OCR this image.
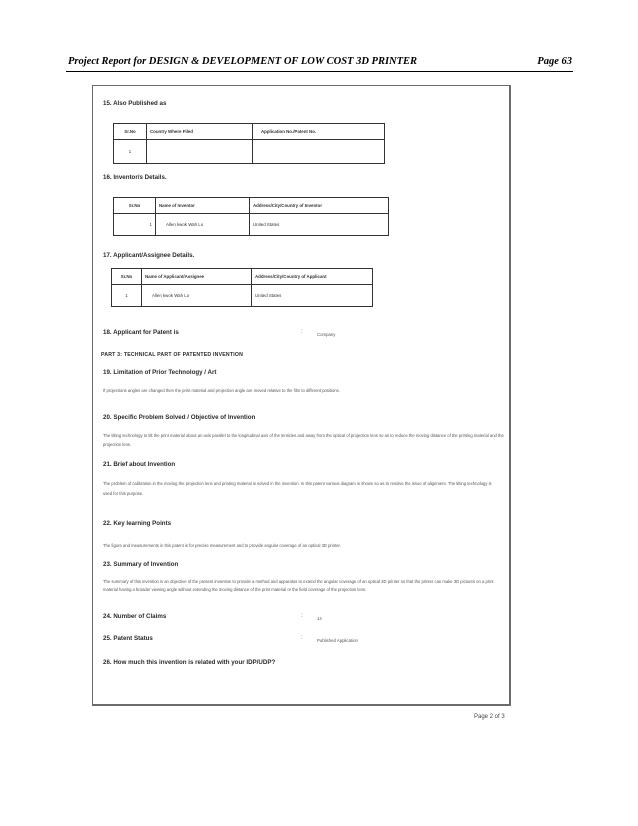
Project Report for DESIGN & DEVELOPMENT OF LOW COST 3D PRINTER	Page 63
15. Also Published as
Sr.No	Country Where Filed	Application No./Patent No.
1		
16. Inventor/s Details.
Sr.No	Name of Inventor	Address/City/Country of Inventor
1	Allen kwok Wah Lo	United States
17. Applicant/Assignee Details.
Sr.No	Name of Applicant/Assignee	Address/City/Country of Applicant
1	Allen kwok Wah Lo	United States
18. Applicant for Patent is	:	Company
PART 3: TECHNICAL PART OF PATENTED INVENTION
19. Limitation of Prior Technology / Art
If projections angles are changed then the print material and projection angle are moved relative to the film to different positions.
20. Specific Problem Solved / Objective of Invention
The tilting technology to tilt the print material about an axis parallel to the longitudinal axis of the lenticles and away from the optical of projection lens so as to reduce the moving distance of the printing material and the projection lens.
21. Brief about Invention
The problem of calibration in the moving the projection lens and printing material is solved in the invention. In this patent various diagram is shown so as to resolve the issue of alignment. The tilting technology is used for this purpose.
22. Key learning Points
The figure and measurements in this patent is for precise measurement and to provide angular coverage of an optical 3D printer.
23. Summary of Invention
The summary of this invention is an objective of the present invention to provide a method and apparatus to extend the angular coverage of an optical 3D printer so that the printer can make 3D pictures on a print material having a broader viewing angle without extending the moving distance of the print material or the field coverage of the projection lens.
24. Number of Claims	:	14
25. Patent Status	:	Published Application
26. How much this invention is related with your IDP/UDP?
Page 2 of 3
